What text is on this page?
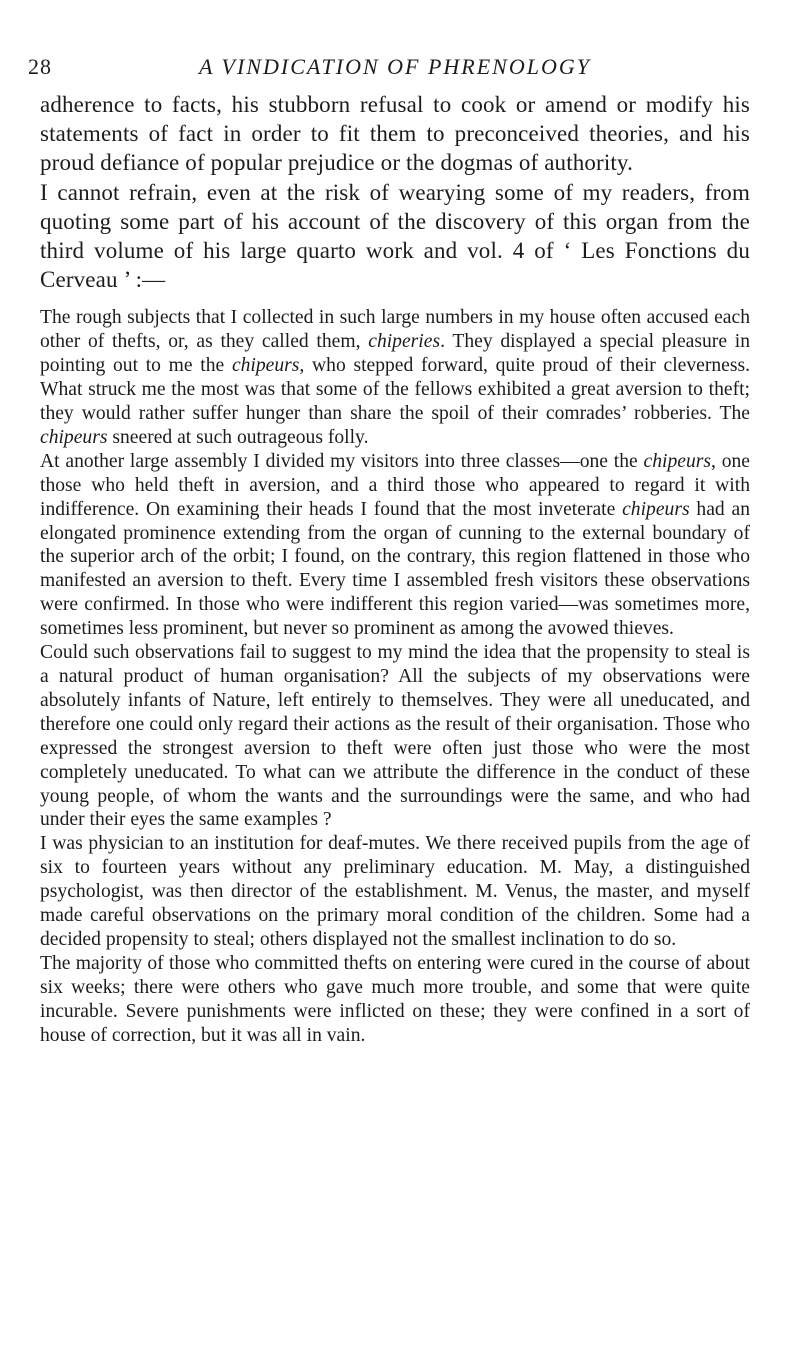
28	A VINDICATION OF PHRENOLOGY

adherence to facts, his stubborn refusal to cook or amend or modify his statements of fact in order to fit them to preconceived theories, and his proud defiance of popular prejudice or the dogmas of authority.

I cannot refrain, even at the risk of wearying some of my readers, from quoting some part of his account of the discovery of this organ from the third volume of his large quarto work and vol. 4 of ‘ Les Fonctions du Cerveau ’ :—

The rough subjects that I collected in such large numbers in my house often accused each other of thefts, or, as they called them, chiperies. They displayed a special pleasure in pointing out to me the chipeurs, who stepped forward, quite proud of their cleverness. What struck me the most was that some of the fellows exhibited a great aversion to theft; they would rather suffer hunger than share the spoil of their comrades’ robberies. The chipeurs sneered at such outrageous folly.

At another large assembly I divided my visitors into three classes—one the chipeurs, one those who held theft in aversion, and a third those who appeared to regard it with indifference. On examining their heads I found that the most inveterate chipeurs had an elongated prominence extending from the organ of cunning to the external boundary of the superior arch of the orbit; I found, on the contrary, this region flattened in those who manifested an aversion to theft. Every time I assembled fresh visitors these observations were confirmed. In those who were indifferent this region varied—was sometimes more, sometimes less prominent, but never so prominent as among the avowed thieves.

Could such observations fail to suggest to my mind the idea that the propensity to steal is a natural product of human organisation? All the subjects of my observations were absolutely infants of Nature, left entirely to themselves. They were all uneducated, and therefore one could only regard their actions as the result of their organisation. Those who expressed the strongest aversion to theft were often just those who were the most completely uneducated. To what can we attribute the difference in the conduct of these young people, of whom the wants and the surroundings were the same, and who had under their eyes the same examples ?

I was physician to an institution for deaf-mutes. We there received pupils from the age of six to fourteen years without any preliminary education. M. May, a distinguished psychologist, was then director of the establishment. M. Venus, the master, and myself made careful observations on the primary moral condition of the children. Some had a decided propensity to steal; others displayed not the smallest inclination to do so.

The majority of those who committed thefts on entering were cured in the course of about six weeks; there were others who gave much more trouble, and some that were quite incurable. Severe punishments were inflicted on these; they were confined in a sort of house of correction, but it was all in vain.
